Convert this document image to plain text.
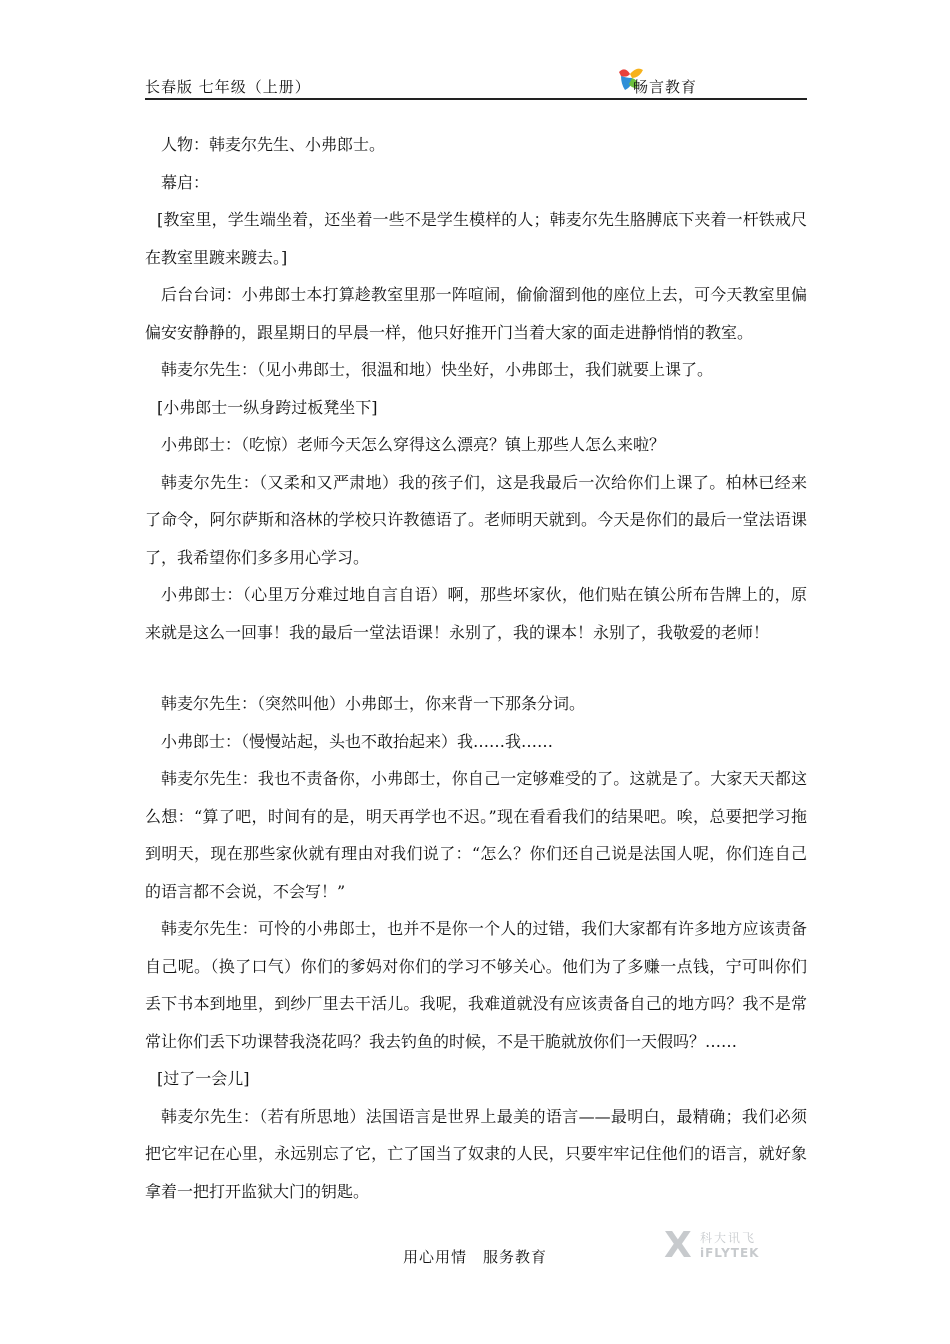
长春版 七年级（上册）	畅言教育

人物：韩麦尔先生、小弗郎士。

幕启：

[教室里，学生端坐着，还坐着一些不是学生模样的人；韩麦尔先生胳膊底下夹着一杆铁戒尺在教室里踱来踱去。]

后台台词：小弗郎士本打算趁教室里那一阵喧闹，偷偷溜到他的座位上去，可今天教室里偏偏安安静静的，跟星期日的早晨一样，他只好推开门当着大家的面走进静悄悄的教室。

韩麦尔先生：（见小弗郎士，很温和地）快坐好，小弗郎士，我们就要上课了。

[小弗郎士一纵身跨过板凳坐下]

小弗郎士：（吃惊）老师今天怎么穿得这么漂亮？镇上那些人怎么来啦？

韩麦尔先生：（又柔和又严肃地）我的孩子们，这是我最后一次给你们上课了。柏林已经来了命令，阿尔萨斯和洛林的学校只许教德语了。老师明天就到。今天是你们的最后一堂法语课了，我希望你们多多用心学习。

小弗郎士：（心里万分难过地自言自语）啊，那些坏家伙，他们贴在镇公所布告牌上的，原来就是这么一回事！我的最后一堂法语课！永别了，我的课本！永别了，我敬爱的老师！

韩麦尔先生：（突然叫他）小弗郎士，你来背一下那条分词。

小弗郎士：（慢慢站起，头也不敢抬起来）我……我……

韩麦尔先生：我也不责备你，小弗郎士，你自己一定够难受的了。这就是了。大家天天都这么想：“算了吧，时间有的是，明天再学也不迟。”现在看看我们的结果吧。唉，总要把学习拖到明天，现在那些家伙就有理由对我们说了：“怎么？你们还自己说是法国人呢，你们连自己的语言都不会说，不会写！”

韩麦尔先生：可怜的小弗郎士，也并不是你一个人的过错，我们大家都有许多地方应该责备自己呢。（换了口气）你们的爹妈对你们的学习不够关心。他们为了多赚一点钱，宁可叫你们丢下书本到地里，到纱厂里去干活儿。我呢，我难道就没有应该责备自己的地方吗？我不是常常让你们丢下功课替我浇花吗？我去钓鱼的时候，不是干脆就放你们一天假吗？……

[过了一会儿]

韩麦尔先生：（若有所思地）法国语言是世界上最美的语言——最明白，最精确；我们必须把它牢记在心里，永远别忘了它，亡了国当了奴隶的人民，只要牢牢记住他们的语言，就好象拿着一把打开监狱大门的钥匙。

用心用情　服务教育	X 科大讯飞
iFLYTEK
